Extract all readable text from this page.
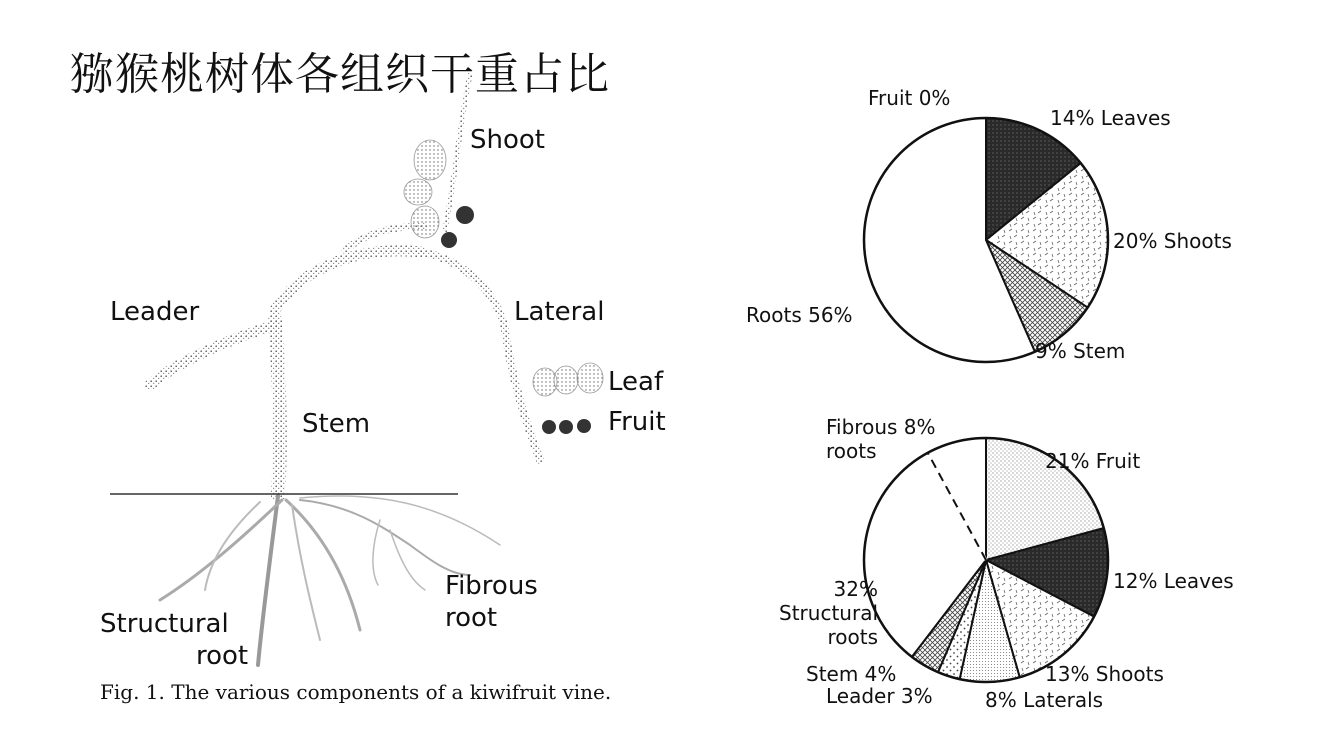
猕猴桃树体各组织干重占比
Shoot
Leader	Lateral
Leaf
Fruit
Stem
Fibrous
root
Structural
root
Fig. 1. The various components of a kiwifruit vine.
Fruit 0%
14% Leaves
20% Shoots
9% Stem
Roots 56%
21% Fruit
12% Leaves
13% Shoots
8% Laterals
Leader 3%
Stem 4%
32%
Structural
roots
Fibrous 8%
roots
